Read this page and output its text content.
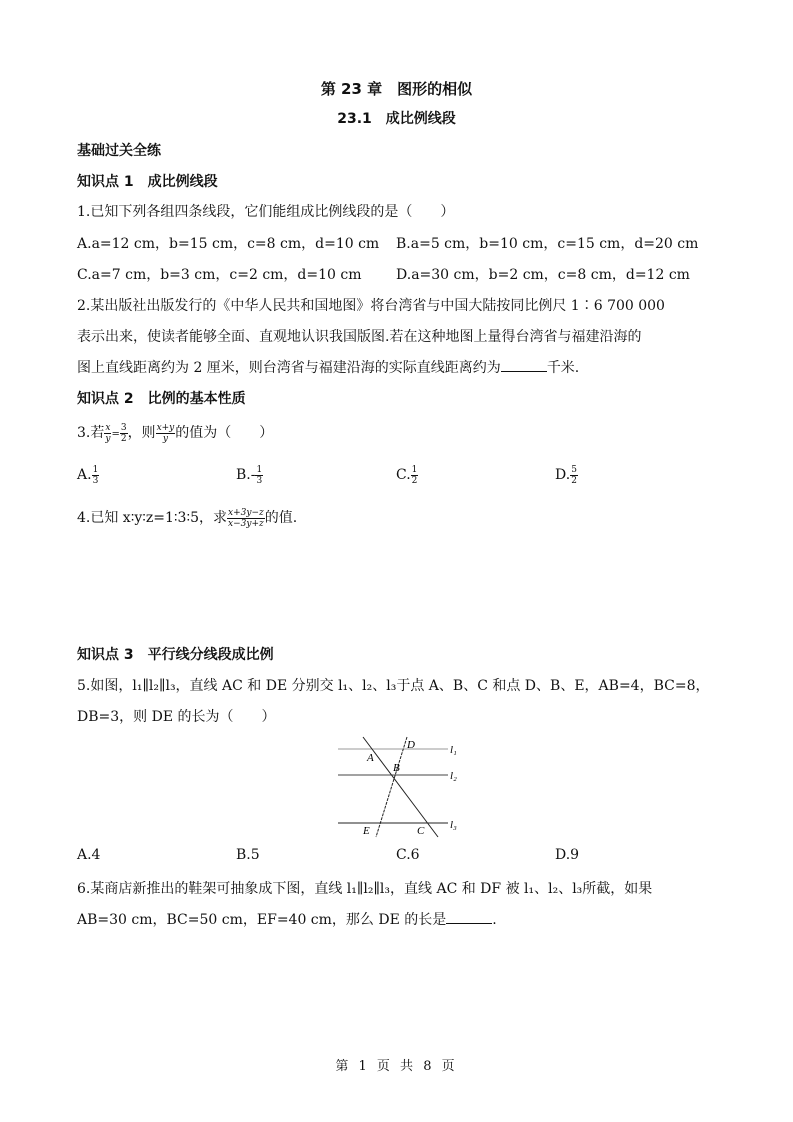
第 23 章　图形的相似
23.1　成比例线段
基础过关全练
知识点 1　成比例线段
1.已知下列各组四条线段，它们能组成比例线段的是（　　）
A.a=12 cm，b=15 cm，c=8 cm，d=10 cm B.a=5 cm，b=10 cm，c=15 cm，d=20 cm
C.a=7 cm，b=3 cm，c=2 cm，d=10 cm D.a=30 cm，b=2 cm，c=8 cm，d=12 cm
2.某出版社出版发行的《中华人民共和国地图》将台湾省与中国大陆按同比例尺 1∶6 700 000
表示出来，使读者能够全面、直观地认识我国版图.若在这种地图上量得台湾省与福建沿海的
图上直线距离约为 2 厘米，则台湾省与福建沿海的实际直线距离约为	千米.
知识点 2　比例的基本性质
3.若 $\frac{x}{y} = \frac{3}{2}$ ，则 $\frac{x+y}{y}$ 的值为（　　）
A. $\frac{1}{3}$	$B.- \frac{1}{3}$	C. $\frac{1}{2}$	D. $\frac{5}{2}$
4.已知 x∶y∶z=1∶3∶5，求 $\frac{x+3y-z}{x-3y+z}$ 的值.
知识点 3　平行线分线段成比例
5.如图，l₁∥l₂∥l₃，直线 AC 和 DE 分别交 l₁、l₂、l₃于点 A、B、C 和点 D、B、E，AB=4，BC=8，
DB=3，则 DE 的长为（　　）
A
B
C
D
E
l₁
l₂
l₃
A.4	B.5	C.6	D.9
6.某商店新推出的鞋架可抽象成下图，直线 l₁∥l₂∥l₃，直线 AC 和 DF 被 l₁、l₂、l₃所截，如果
AB=30 cm，BC=50 cm，EF=40 cm，那么 DE 的长是	.
第 1 页 共 8 页
